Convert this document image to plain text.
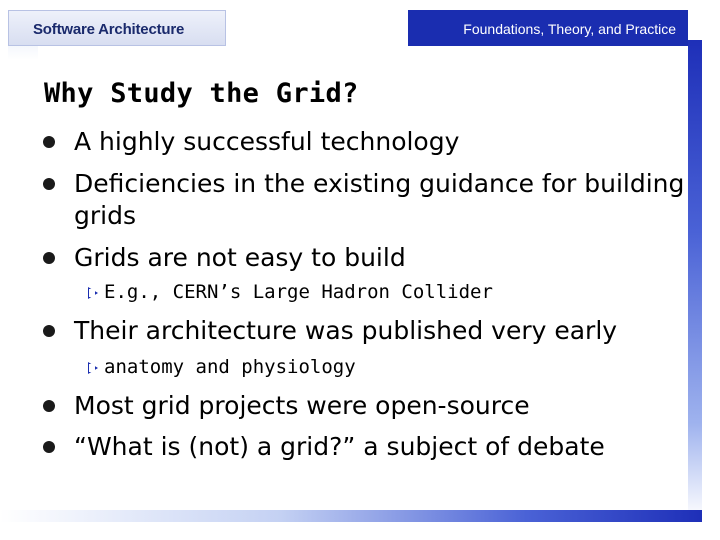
Software Architecture	Foundations, Theory, and Practice
Why Study the Grid?
A highly successful technology
Deficiencies in the existing guidance for building
grids
Grids are not easy to build
E.g., CERN’s Large Hadron Collider
Their architecture was published very early
anatomy and physiology
Most grid projects were open-source
“What is (not) a grid?” a subject of debate
